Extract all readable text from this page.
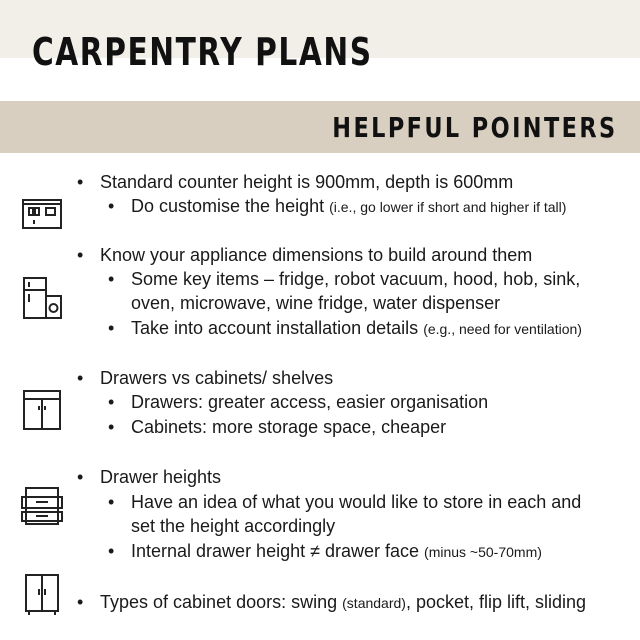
CARPENTRY PLANS
HELPFUL POINTERS
• Standard counter height is 900mm, depth is 600mm
• Do customise the height (i.e., go lower if short and higher if tall)
• Know your appliance dimensions to build around them
• Some key items – fridge, robot vacuum, hood, hob, sink,
oven, microwave, wine fridge, water dispenser
• Take into account installation details (e.g., need for ventilation)
• Drawers vs cabinets/ shelves
• Drawers: greater access, easier organisation
• Cabinets: more storage space, cheaper
• Drawer heights
• Have an idea of what you would like to store in each and
set the height accordingly
• Internal drawer height ≠ drawer face (minus ~50-70mm)
• Types of cabinet doors: swing (standard), pocket, flip lift, sliding
